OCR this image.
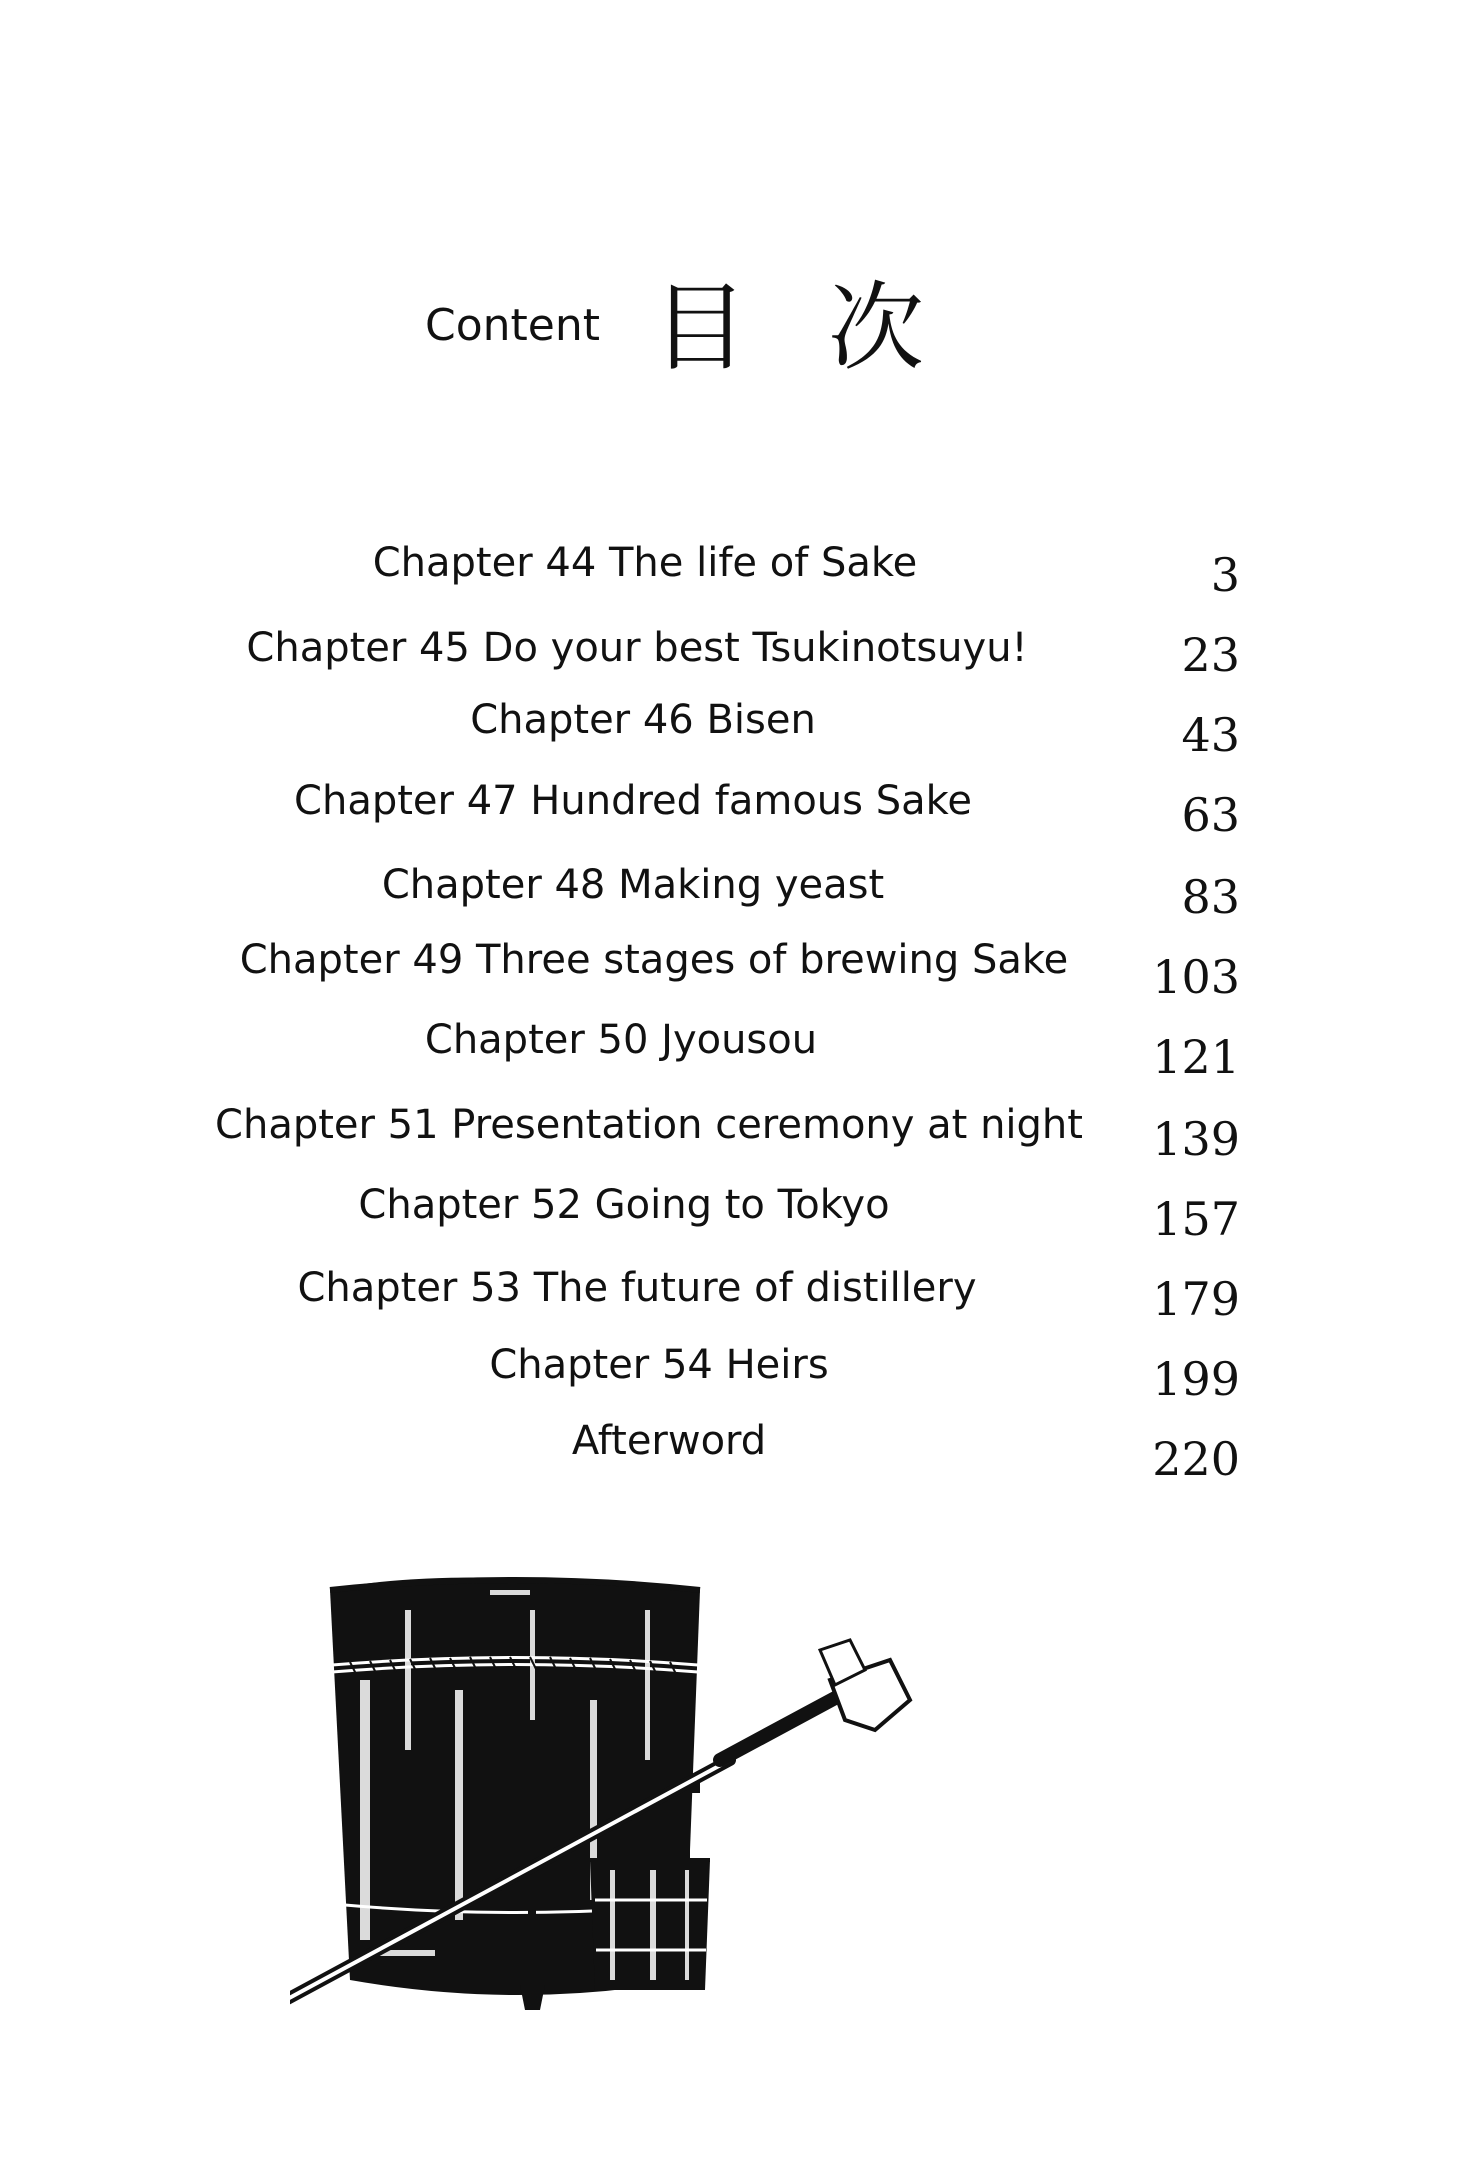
Content 目次
Chapter 44 The life of Sake	3
Chapter 45 Do your best Tsukinotsuyu!	23
Chapter 46 Bisen	43
Chapter 47 Hundred famous Sake	63
Chapter 48 Making yeast	83
Chapter 49 Three stages of brewing Sake	103
Chapter 50 Jyousou	121
Chapter 51 Presentation ceremony at night	139
Chapter 52 Going to Tokyo	157
Chapter 53 The future of distillery	179
Chapter 54 Heirs	199
Afterword	220
